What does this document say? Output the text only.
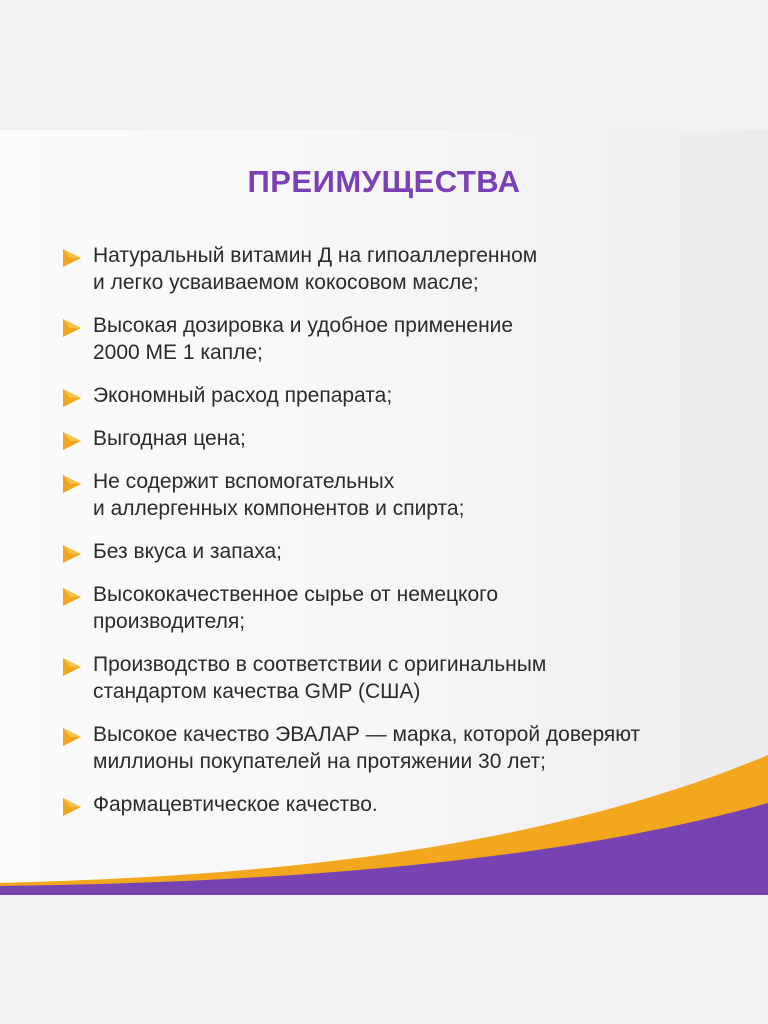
ПРЕИМУЩЕСТВА
Натуральный витамин Д на гипоаллергенном
и легко усваиваемом кокосовом масле;
Высокая дозировка и удобное применение
2000 МЕ 1 капле;
Экономный расход препарата;
Выгодная цена;
Не содержит вспомогательных
и аллергенных компонентов и спирта;
Без вкуса и запаха;
Высококачественное сырье от немецкого
производителя;
Производство в соответствии с оригинальным
стандартом качества GMP (США)
Высокое качество ЭВАЛАР — марка, которой доверяют
миллионы покупателей на протяжении 30 лет;
Фармацевтическое качество.
